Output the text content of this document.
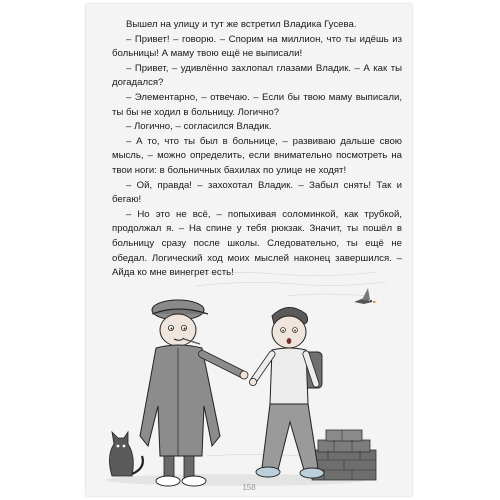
Вышел на улицу и тут же встретил Владика Гусева.

– Привет! – говорю. – Спорим на миллион, что ты идёшь из больницы! А маму твою ещё не выписали!

– Привет, – удивлённо захлопал глазами Владик. – А как ты догадался?

– Элементарно, – отвечаю. – Если бы твою маму выписали, ты бы не ходил в больницу. Логично?

– Логично, – согласился Владик.

– А то, что ты был в больнице, – развиваю дальше свою мысль, – можно определить, если внимательно посмотреть на твои ноги: в больничных бахилах по улице не ходят!

– Ой, правда! – захохотал Владик. – Забыл снять! Так и бегаю!

– Но это не всё, – попыхивая соломинкой, как трубкой, продолжал я. – На спине у тебя рюкзак. Значит, ты пошёл в больницу сразу после школы. Следовательно, ты ещё не обедал. Логический ход моих мыслей наконец завершился. – Айда ко мне винегрет есть!

158
